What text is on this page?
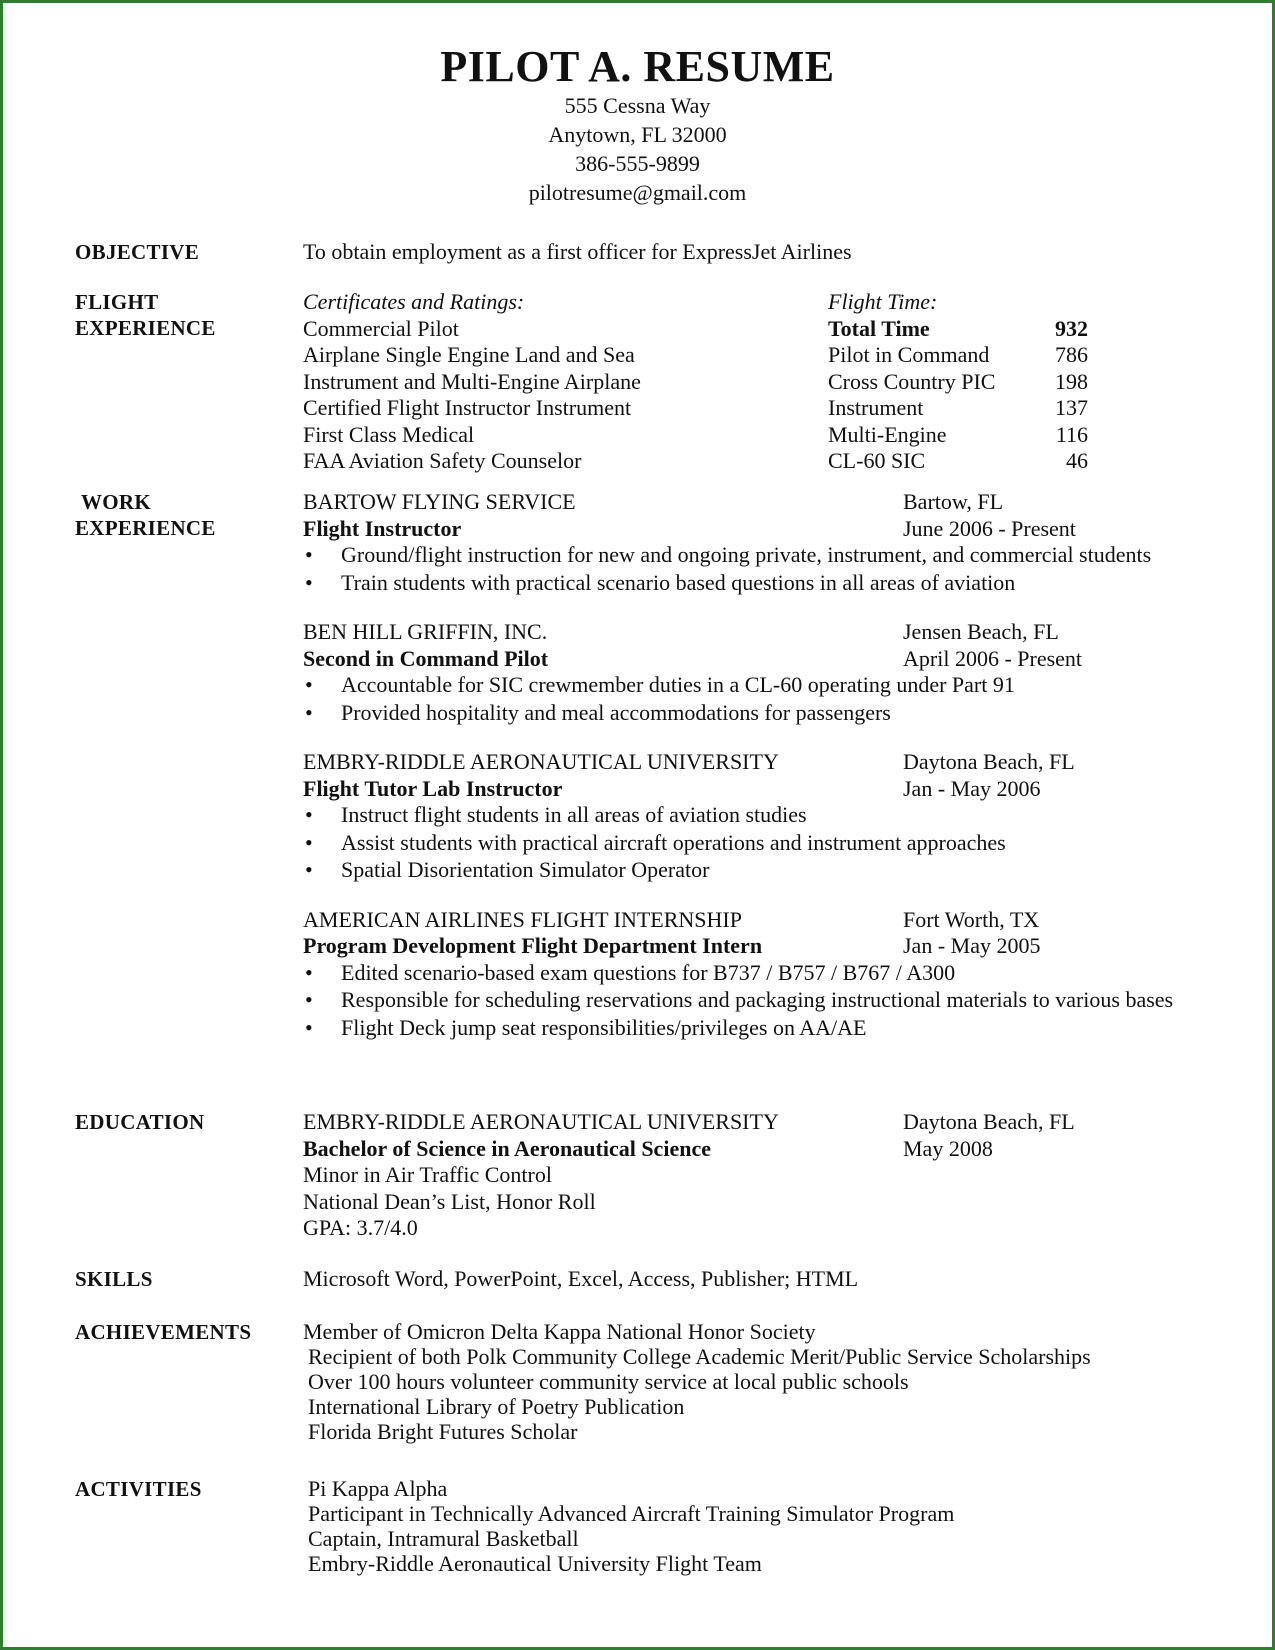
PILOT A. RESUME
555 Cessna Way
Anytown, FL 32000
386-555-9899
pilotresume@gmail.com
OBJECTIVE	To obtain employment as a first officer for ExpressJet Airlines
FLIGHT
EXPERIENCE
Certificates and Ratings:
Commercial Pilot
Airplane Single Engine Land and Sea
Instrument and Multi-Engine Airplane
Certified Flight Instructor Instrument
First Class Medical
FAA Aviation Safety Counselor
Flight Time:
Total Time	932
Pilot in Command	786
Cross Country PIC	198
Instrument	137
Multi-Engine	116
CL-60 SIC	46
WORK
EXPERIENCE
BARTOW FLYING SERVICE	Bartow, FL
Flight Instructor	June 2006 - Present
• Ground/flight instruction for new and ongoing private, instrument, and commercial students
• Train students with practical scenario based questions in all areas of aviation
BEN HILL GRIFFIN, INC.	Jensen Beach, FL
Second in Command Pilot	April 2006 - Present
• Accountable for SIC crewmember duties in a CL-60 operating under Part 91
• Provided hospitality and meal accommodations for passengers
EMBRY-RIDDLE AERONAUTICAL UNIVERSITY	Daytona Beach, FL
Flight Tutor Lab Instructor	Jan - May 2006
• Instruct flight students in all areas of aviation studies
• Assist students with practical aircraft operations and instrument approaches
• Spatial Disorientation Simulator Operator
AMERICAN AIRLINES FLIGHT INTERNSHIP	Fort Worth, TX
Program Development Flight Department Intern	Jan - May 2005
• Edited scenario-based exam questions for B737 / B757 / B767 / A300
• Responsible for scheduling reservations and packaging instructional materials to various bases
• Flight Deck jump seat responsibilities/privileges on AA/AE
EDUCATION	EMBRY-RIDDLE AERONAUTICAL UNIVERSITY	Daytona Beach, FL
Bachelor of Science in Aeronautical Science	May 2008
Minor in Air Traffic Control
National Dean’s List, Honor Roll
GPA: 3.7/4.0
SKILLS	Microsoft Word, PowerPoint, Excel, Access, Publisher; HTML
ACHIEVEMENTS Member of Omicron Delta Kappa National Honor Society
Recipient of both Polk Community College Academic Merit/Public Service Scholarships
Over 100 hours volunteer community service at local public schools
International Library of Poetry Publication
Florida Bright Futures Scholar
ACTIVITIES	Pi Kappa Alpha
Participant in Technically Advanced Aircraft Training Simulator Program
Captain, Intramural Basketball
Embry-Riddle Aeronautical University Flight Team
